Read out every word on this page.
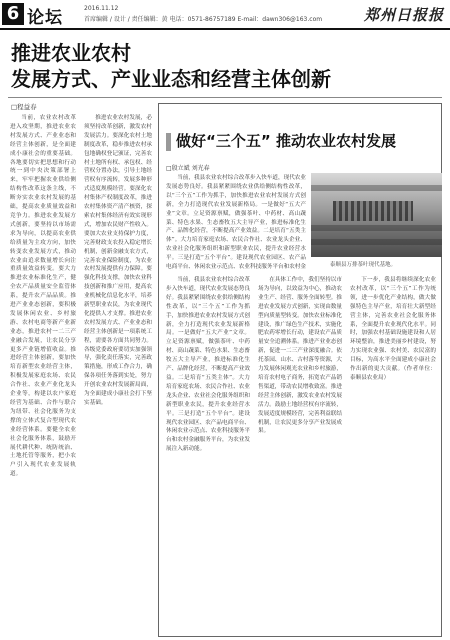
6 论坛	2016.11.12
首席编辑 / 设计 / 责任编辑：黄 电话：0571-86757189 E-mail：dawn306@163.com	郑州日报报
推进农业农村
发展方式、产业业态和经营主体创新
□程益春

当前，农业农村改革进入攻坚期，推进农业农村发展方式、产业业态和经营主体创新，是全面建成小康社会的重要基础。各地要切实把思想和行动统一到中央决策部署上来，牢牢把握农业供给侧结构性改革这条主线，不断夯实农业农村发展的基础，提高农业质量效益和竞争力。推进农业发展方式创新，要坚持以市场需求为导向，以提高农业供给质量为主攻方向，加快转变农业发展方式，推动农业由追求数量增长向注重质量效益转变。要大力推进农业标准化生产，健全农产品质量安全监管体系，提升农产品品质。推进产业业态创新，要积极发展休闲农业、乡村旅游、农村电商等新产业新业态，推进农村一二三产业融合发展，让农民分享更多产业链增值收益。推进经营主体创新，要加快培育新型农业经营主体，积极发展家庭农场、农民合作社、农业产业化龙头企业等，构建以农户家庭经营为基础、合作与联合为纽带、社会化服务为支撑的立体式复合型现代农业经营体系。要健全农业社会化服务体系，鼓励开展代耕代种、统防统治、土地托管等服务，把小农户引入现代农业发展轨道。

推进农业农村发展，必须坚持改革创新，激发农村发展活力。要深化农村土地制度改革，稳步推进农村承包地确权登记颁证，完善农村土地所有权、承包权、经营权分置办法，引导土地经营权有序流转，发展多种形式适度规模经营。要深化农村集体产权制度改革，推进农村集体资产清产核资，探索农村集体经济有效实现形式，增加农民财产性收入。要加大农业支持保护力度，完善财政支农投入稳定增长机制，创新金融支农方式，完善农业保险制度，为农业农村发展提供有力保障。要强化科技支撑，加快农业科技创新和推广应用，提高农业机械化信息化水平，培养新型职业农民，为农业现代化提供人才支撑。推进农业农村发展方式、产业业态和经营主体创新是一项系统工程，需要各方面共同努力。各级党委政府要切实加强领导，强化责任落实，完善政策措施，形成工作合力，确保各项任务落到实处，努力开创农业农村发展新局面，为全面建成小康社会打下坚实基础。

做好“三个五” 推动农业农村发展
□殷立斌 刘光春
泰顺县万排茶叶现代基地。

当前，我县农业农村综合改革步入快车道，现代农业发展态势良好。我县紧紧围绕农业供给侧结构性改革，以“三个五”工作为抓手，加快推进农业农村发展方式创新，全力打造现代农业发展新格局。一是做好“五大产业”文章。立足资源禀赋，做强茶叶、中药材、高山蔬菜、特色水果、生态畜牧五大主导产业，推进标准化生产、品牌化经营，不断提高产业效益。二是培育“五类主体”。大力培育家庭农场、农民合作社、农业龙头企业、农业社会化服务组织和新型职业农民，提升农业经营水平。三是打造“五个平台”。建设现代农业园区、农产品电商平台、休闲农业示范点、农业科技服务平台和农村金

当前，我县农业农村综合改革步入快车道，现代农业发展态势良好。我县紧紧围绕农业供给侧结构性改革，以“三个五”工作为抓手，加快推进农业农村发展方式创新，全力打造现代农业发展新格局。一是做好“五大产业”文章。立足资源禀赋，做强茶叶、中药材、高山蔬菜、特色水果、生态畜牧五大主导产业，推进标准化生产、品牌化经营，不断提高产业效益。二是培育“五类主体”。大力培育家庭农场、农民合作社、农业龙头企业、农业社会化服务组织和新型职业农民，提升农业经营水平。三是打造“五个平台”。建设现代农业园区、农产品电商平台、休闲农业示范点、农业科技服务平台和农村金融服务平台，为农业发展注入新动能。

在具体工作中，我们坚持以市场为导向，以效益为中心，推动农业生产、经营、服务全面转型。推进农业发展方式创新，实现由数量型向质量型转变。加快农业标准化建设，推广绿色生产技术，实施化肥农药零增长行动，建设农产品质量安全追溯体系。推进产业业态创新，促进一二三产业深度融合。依托茶园、山水、古村落等资源，大力发展休闲观光农业和乡村旅游，培育农村电子商务，拓宽农产品销售渠道，带动农民增收致富。推进经营主体创新，激发农业农村发展活力。鼓励土地经营权有序流转，发展适度规模经营，完善利益联结机制，让农民更多分享产业发展成果。

下一步，我县将继续深化农业农村改革，以“三个五”工作为统领，进一步优化产业结构，做大做强特色主导产业，培育壮大新型经营主体，完善农业社会化服务体系，全面提升农业现代化水平。同时，加强农村基础设施建设和人居环境整治，推进美丽乡村建设，努力实现农业强、农村美、农民富的目标，为高水平全面建成小康社会作出新的更大贡献。（作者单位：泰顺县农业局）
